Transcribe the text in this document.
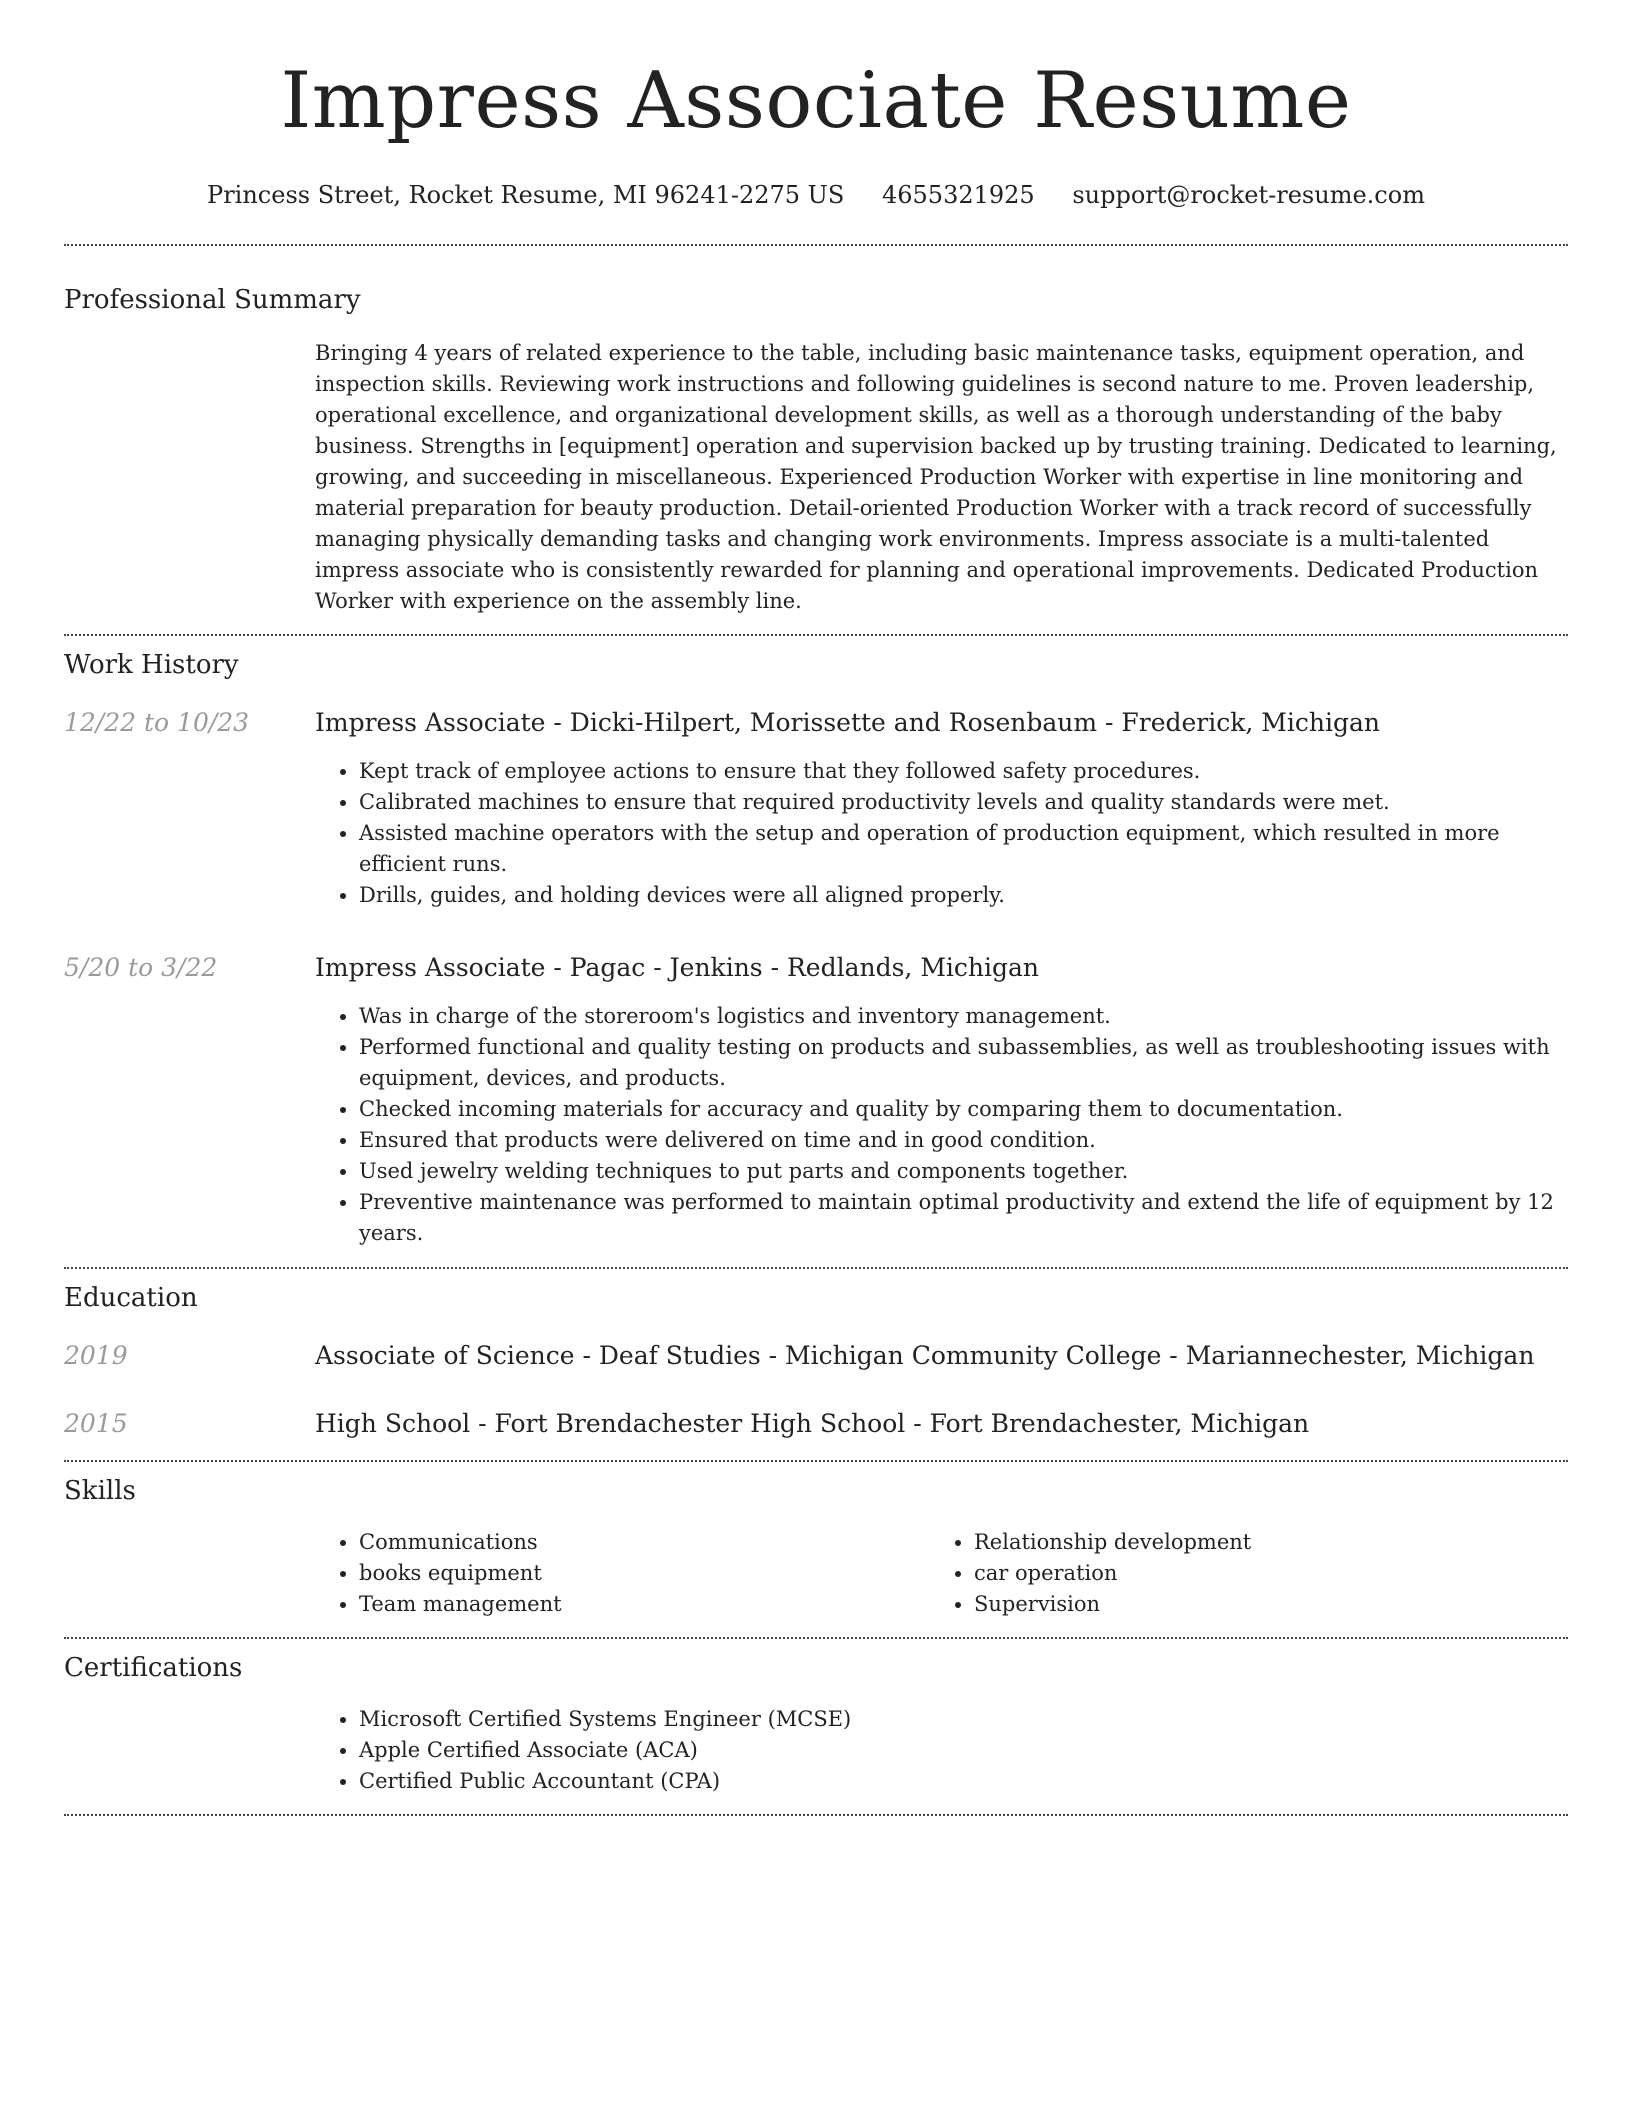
Impress Associate Resume
Princess Street, Rocket Resume, MI 96241-2275 US 4655321925 support@rocket-resume.com
Professional Summary

Bringing 4 years of related experience to the table, including basic maintenance tasks, equipment operation, and inspection skills. Reviewing work instructions and following guidelines is second nature to me. Proven leadership, operational excellence, and organizational development skills, as well as a thorough understanding of the baby business. Strengths in [equipment] operation and supervision backed up by trusting training. Dedicated to learning, growing, and succeeding in miscellaneous. Experienced Production Worker with expertise in line monitoring and material preparation for beauty production. Detail-oriented Production Worker with a track record of successfully managing physically demanding tasks and changing work environments. Impress associate is a multi-talented impress associate who is consistently rewarded for planning and operational improvements. Dedicated Production Worker with experience on the assembly line.

Work History
12/22 to 10/23	Impress Associate - Dicki-Hilpert, Morissette and Rosenbaum - Frederick, Michigan
• Kept track of employee actions to ensure that they followed safety procedures.
• Calibrated machines to ensure that required productivity levels and quality standards were met.
• Assisted machine operators with the setup and operation of production equipment, which resulted in more efficient runs.
• Drills, guides, and holding devices were all aligned properly.
5/20 to 3/22	Impress Associate - Pagac - Jenkins - Redlands, Michigan
• Was in charge of the storeroom's logistics and inventory management.
• Performed functional and quality testing on products and subassemblies, as well as troubleshooting issues with equipment, devices, and products.
• Checked incoming materials for accuracy and quality by comparing them to documentation.
• Ensured that products were delivered on time and in good condition.
• Used jewelry welding techniques to put parts and components together.
• Preventive maintenance was performed to maintain optimal productivity and extend the life of equipment by 12 years.
Education
2019	Associate of Science - Deaf Studies - Michigan Community College - Mariannechester, Michigan
2015	High School - Fort Brendachester High School - Fort Brendachester, Michigan
Skills
• Communications
• books equipment
• Team management
• Relationship development
• car operation
• Supervision
Certifications
• Microsoft Certified Systems Engineer (MCSE)
• Apple Certified Associate (ACA)
• Certified Public Accountant (CPA)
